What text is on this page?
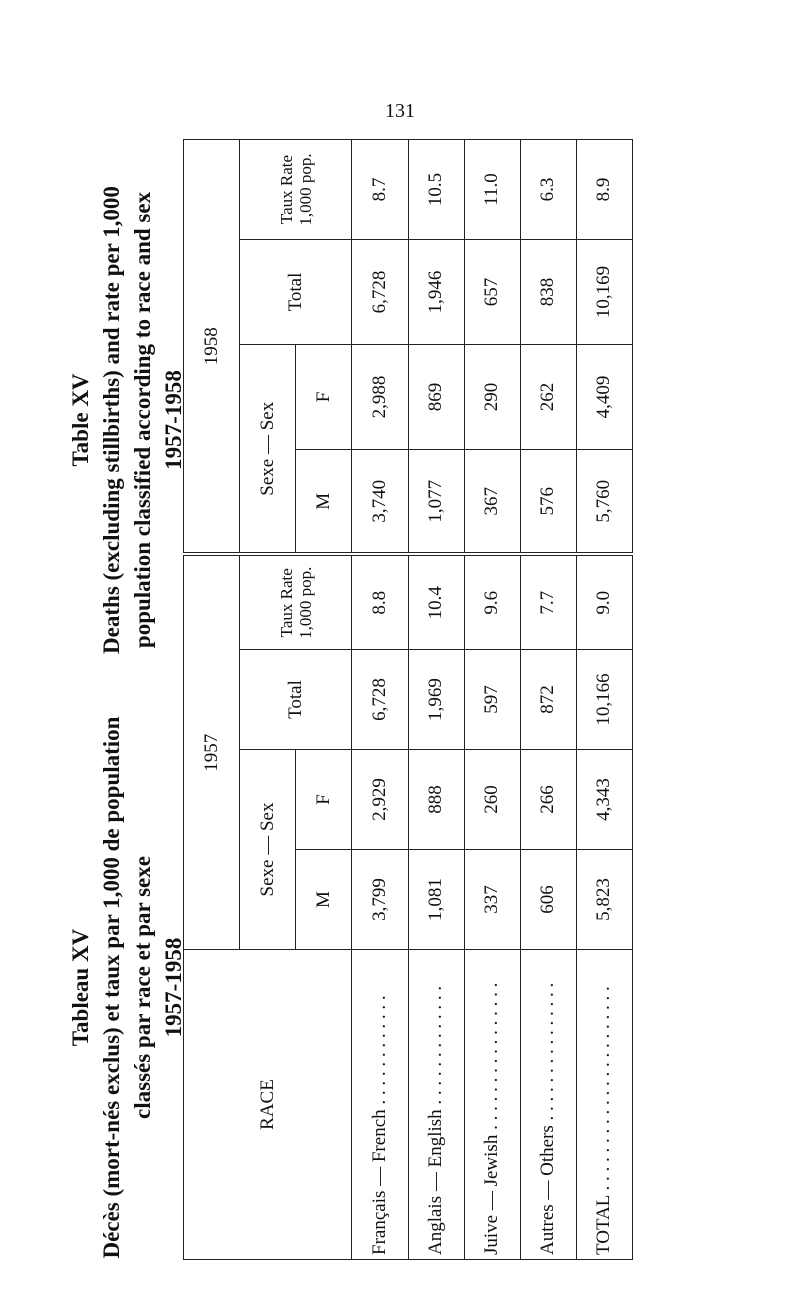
131
Tableau XV
Table XV
Décès (mort-nés exclus) et taux par 1,000 de population
Deaths (excluding stillbirths) and rate per 1,000
classés par race et par sexe
population classified according to race and sex
1957-1958
1957-1958
RACE	1957				1958			
	Sexe — Sex		Total	Taux Rate 1,000 pop.	Sexe — Sex		Total	Taux Rate 1,000 pop.
	M	F			M	F		
Français — French . . . . . . . . . . . .	3,799	2,929	6,728	8.8	3,740	2,988	6,728	8.7
Anglais — English . . . . . . . . . . . . .	1,081	888	1,969	10.4	1,077	869	1,946	10.5
Juive — Jewish . . . . . . . . . . . . . . . .	337	260	597	9.6	367	290	657	11.0
Autres — Others . . . . . . . . . . . . . . .	606	266	872	7.7	576	262	838	6.3
TOTAL . . . . . . . . . . . . . . . . . . . . . .	5,823	4,343	10,166	9.0	5,760	4,409	10,169	8.9
